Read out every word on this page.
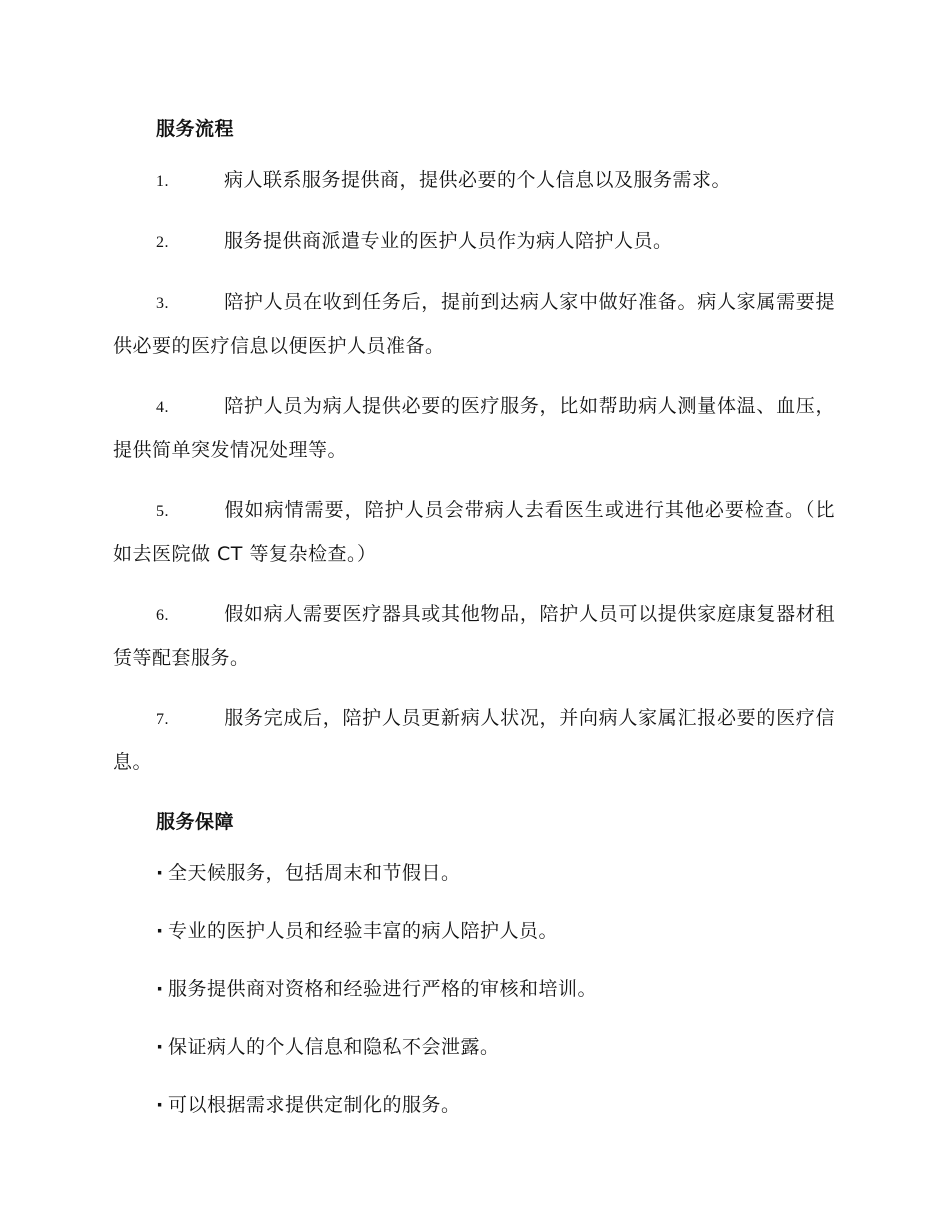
服务流程
1.	病人联系服务提供商，提供必要的个人信息以及服务需求。
2.	服务提供商派遣专业的医护人员作为病人陪护人员。
3.	陪护人员在收到任务后，提前到达病人家中做好准备。病人家属需要提供必要的医疗信息以便医护人员准备。
4.	陪护人员为病人提供必要的医疗服务，比如帮助病人测量体温、血压，提供简单突发情况处理等。
5.	假如病情需要，陪护人员会带病人去看医生或进行其他必要检查。（比如去医院做 CT 等复杂检查。）
6.	假如病人需要医疗器具或其他物品，陪护人员可以提供家庭康复器材租赁等配套服务。
7.	服务完成后，陪护人员更新病人状况，并向病人家属汇报必要的医疗信息。
服务保障
· 全天候服务，包括周末和节假日。
· 专业的医护人员和经验丰富的病人陪护人员。
· 服务提供商对资格和经验进行严格的审核和培训。
· 保证病人的个人信息和隐私不会泄露。
· 可以根据需求提供定制化的服务。
